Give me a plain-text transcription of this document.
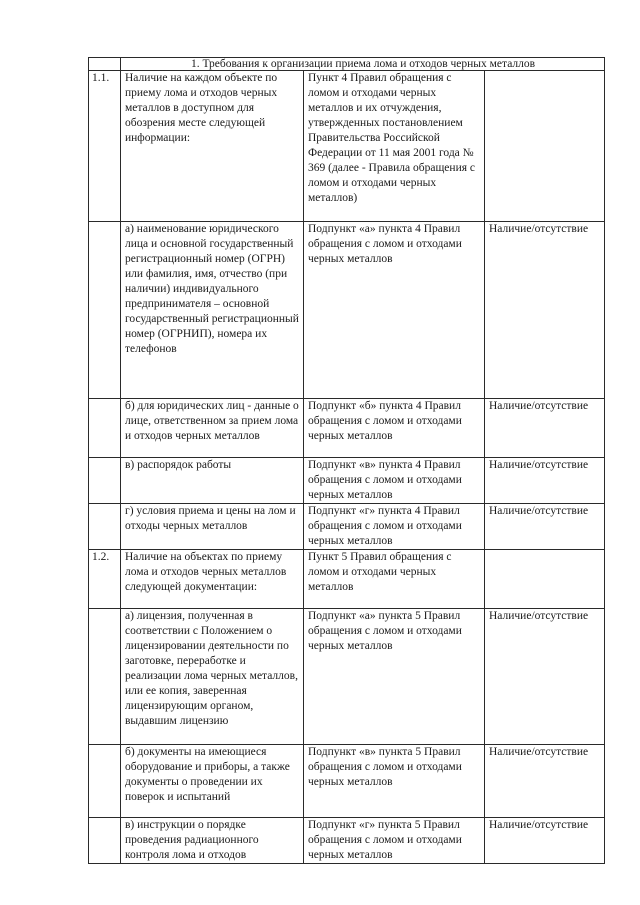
	1. Требования к организации приема лома и отходов черных металлов		
1.1.	Наличие на каждом объекте по приему лома и отходов черных металлов в доступном для обозрения месте следующей информации:	Пункт 4 Правил обращения с ломом и отходами черных металлов и их отчуждения, утвержденных постановлением Правительства Российской Федерации от 11 мая 2001 года № 369 (далее - Правила обращения с ломом и отходами черных металлов)	
	а) наименование юридического лица и основной государственный регистрационный номер (ОГРН) или фамилия, имя, отчество (при наличии) индивидуального предпринимателя – основной государственный регистрационный номер (ОГРНИП), номера их телефонов	Подпункт «а» пункта 4 Правил обращения с ломом и отходами черных металлов	Наличие/отсутствие
	б) для юридических лиц - данные о лице, ответственном за прием лома и отходов черных металлов	Подпункт «б» пункта 4 Правил обращения с ломом и отходами черных металлов	Наличие/отсутствие
	в) распорядок работы	Подпункт «в» пункта 4 Правил обращения с ломом и отходами черных металлов	Наличие/отсутствие
	г) условия приема и цены на лом и отходы черных металлов	Подпункт «г» пункта 4 Правил обращения с ломом и отходами черных металлов	Наличие/отсутствие
1.2.	Наличие на объектах по приему лома и отходов черных металлов следующей документации:	Пункт 5 Правил обращения с ломом и отходами черных металлов	
	а) лицензия, полученная в соответствии с Положением о лицензировании деятельности по заготовке, переработке и реализации лома черных металлов, или ее копия, заверенная лицензирующим органом, выдавшим лицензию	Подпункт «а» пункта 5 Правил обращения с ломом и отходами черных металлов	Наличие/отсутствие
	б) документы на имеющиеся оборудование и приборы, а также документы о проведении их поверок и испытаний	Подпункт «в» пункта 5 Правил обращения с ломом и отходами черных металлов	Наличие/отсутствие
	в) инструкции о порядке проведения радиационного контроля лома и отходов	Подпункт «г» пункта 5 Правил обращения с ломом и отходами черных металлов	Наличие/отсутствие
